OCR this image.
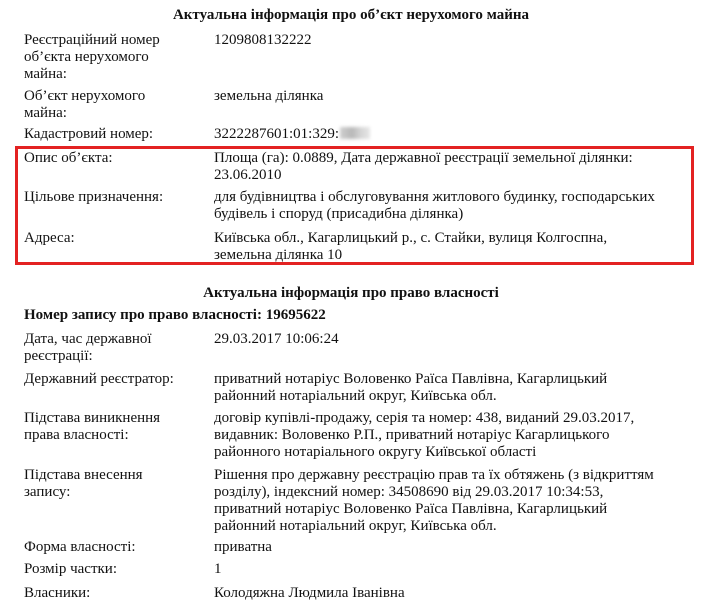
Актуальна інформація про об’єкт нерухомого майна
Реєстраційний номер
об’єкта нерухомого
майна:
1209808132222
Об’єкт нерухомого
майна:
земельна ділянка
Кадастровий номер:	3222287601:01:329:
Опис об’єкта:	Площа (га): 0.0889, Дата державної реєстрації земельної ділянки:
23.06.2010
Цільове призначення:	для будівництва і обслуговування житлового будинку, господарських
будівель і споруд (присадибна ділянка)
Адреса:	Київська обл., Кагарлицький р., с. Стайки, вулиця Колгоспна,
земельна ділянка 10
Актуальна інформація про право власності
Номер запису про право власності: 19695622
Дата, час державної
реєстрації:
29.03.2017 10:06:24
Державний реєстратор:	приватний нотаріус Воловенко Раїса Павлівна, Кагарлицький
районний нотаріальний округ, Київська обл.
Підстава виникнення
права власності:
договір купівлі-продажу, серія та номер: 438, виданий 29.03.2017,
видавник: Воловенко Р.П., приватний нотаріус Кагарлицького
районного нотаріального округу Київської області
Підстава внесення
запису:
Рішення про державну реєстрацію прав та їх обтяжень (з відкриттям
розділу), індексний номер: 34508690 від 29.03.2017 10:34:53,
приватний нотаріус Воловенко Раїса Павлівна, Кагарлицький
районний нотаріальний округ, Київська обл.
Форма власності:	приватна
Розмір частки:	1
Власники:	Колодяжна Людмила Іванівна
